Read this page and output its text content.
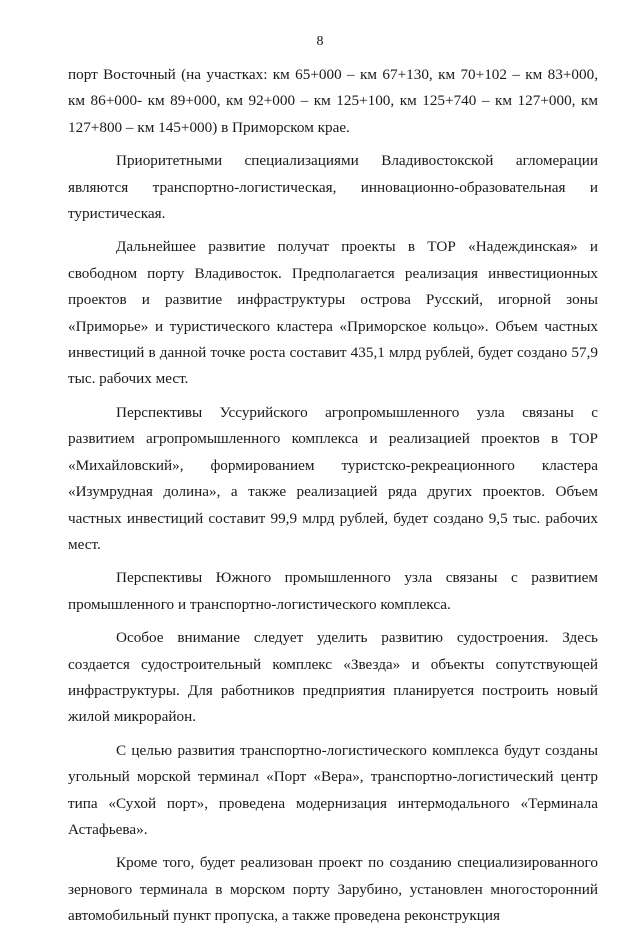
8

порт Восточный (на участках: км 65+000 – км 67+130, км 70+102 – км 83+000, км 86+000- км 89+000, км 92+000 – км 125+100, км 125+740 – км 127+000, км 127+800 – км 145+000) в Приморском крае.

Приоритетными специализациями Владивостокской агломерации являются транспортно-логистическая, инновационно-образовательная и туристическая.

Дальнейшее развитие получат проекты в ТОР «Надеждинская» и свободном порту Владивосток. Предполагается реализация инвестиционных проектов и развитие инфраструктуры острова Русский, игорной зоны «Приморье» и туристического кластера «Приморское кольцо». Объем частных инвестиций в данной точке роста составит 435,1 млрд рублей, будет создано 57,9 тыс. рабочих мест.

Перспективы Уссурийского агропромышленного узла связаны с развитием агропромышленного комплекса и реализацией проектов в ТОР «Михайловский», формированием туристско-рекреационного кластера «Изумрудная долина», а также реализацией ряда других проектов. Объем частных инвестиций составит 99,9 млрд рублей, будет создано 9,5 тыс. рабочих мест.

Перспективы Южного промышленного узла связаны с развитием промышленного и транспортно-логистического комплекса.

Особое внимание следует уделить развитию судостроения. Здесь создается судостроительный комплекс «Звезда» и объекты сопутствующей инфраструктуры. Для работников предприятия планируется построить новый жилой микрорайон.

С целью развития транспортно-логистического комплекса будут созданы угольный морской терминал «Порт «Вера», транспортно-логистический центр типа «Сухой порт», проведена модернизация интермодального «Терминала Астафьева».

Кроме того, будет реализован проект по созданию специализированного зернового терминала в морском порту Зарубино, установлен многосторонний автомобильный пункт пропуска, а также проведена реконструкция
